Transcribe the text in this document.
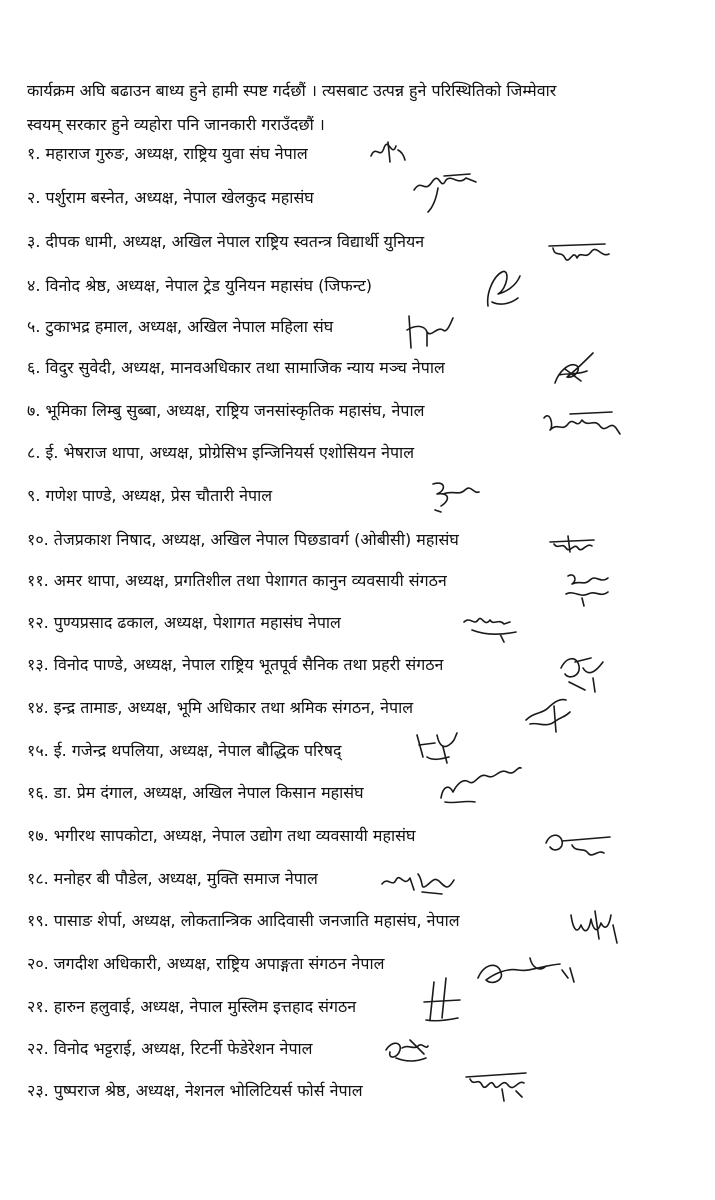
कार्यक्रम अघि बढाउन बाध्य हुने हामी स्पष्ट गर्दछौं । त्यसबाट उत्पन्न हुने परिस्थितिको जिम्मेवार

स्वयम् सरकार हुने व्यहोरा पनि जानकारी गराउँदछौं ।

१. महाराज गुरुङ, अध्यक्ष, राष्ट्रिय युवा संघ नेपाल
२. पर्शुराम बस्नेत, अध्यक्ष, नेपाल खेलकुद महासंघ
३. दीपक धामी, अध्यक्ष, अखिल नेपाल राष्ट्रिय स्वतन्त्र विद्यार्थी युनियन
४. विनोद श्रेष्ठ, अध्यक्ष, नेपाल ट्रेड युनियन महासंघ (जिफन्ट)
५. टुकाभद्र हमाल, अध्यक्ष, अखिल नेपाल महिला संघ
६. विदुर सुवेदी, अध्यक्ष, मानवअधिकार तथा सामाजिक न्याय मञ्च नेपाल
७. भूमिका लिम्बु सुब्बा, अध्यक्ष, राष्ट्रिय जनसांस्कृतिक महासंघ, नेपाल
८. ई. भेषराज थापा, अध्यक्ष, प्रोग्रेसिभ इन्जिनियर्स एशोसियन नेपाल
९. गणेश पाण्डे, अध्यक्ष, प्रेस चौतारी नेपाल
१०. तेजप्रकाश निषाद, अध्यक्ष, अखिल नेपाल पिछडावर्ग (ओबीसी) महासंघ
११. अमर थापा, अध्यक्ष, प्रगतिशील तथा पेशागत कानुन व्यवसायी संगठन
१२. पुण्यप्रसाद ढकाल, अध्यक्ष, पेशागत महासंघ नेपाल
१३. विनोद पाण्डे, अध्यक्ष, नेपाल राष्ट्रिय भूतपूर्व सैनिक तथा प्रहरी संगठन
१४. इन्द्र तामाङ, अध्यक्ष, भूमि अधिकार तथा श्रमिक संगठन, नेपाल
१५. ई. गजेन्द्र थपलिया, अध्यक्ष, नेपाल बौद्धिक परिषद्
१६. डा. प्रेम दंगाल, अध्यक्ष, अखिल नेपाल किसान महासंघ
१७. भगीरथ सापकोटा, अध्यक्ष, नेपाल उद्योग तथा व्यवसायी महासंघ
१८. मनोहर बी पौडेल, अध्यक्ष, मुक्ति समाज नेपाल
१९. पासाङ शेर्पा, अध्यक्ष, लोकतान्त्रिक आदिवासी जनजाति महासंघ, नेपाल
२०. जगदीश अधिकारी, अध्यक्ष, राष्ट्रिय अपाङ्गता संगठन नेपाल
२१. हारुन हलुवाई, अध्यक्ष, नेपाल मुस्लिम इत्तहाद संगठन
२२. विनोद भट्टराई, अध्यक्ष, रिटर्नी फेडेरेशन नेपाल
२३. पुष्पराज श्रेष्ठ, अध्यक्ष, नेशनल भोलिटियर्स फोर्स नेपाल
